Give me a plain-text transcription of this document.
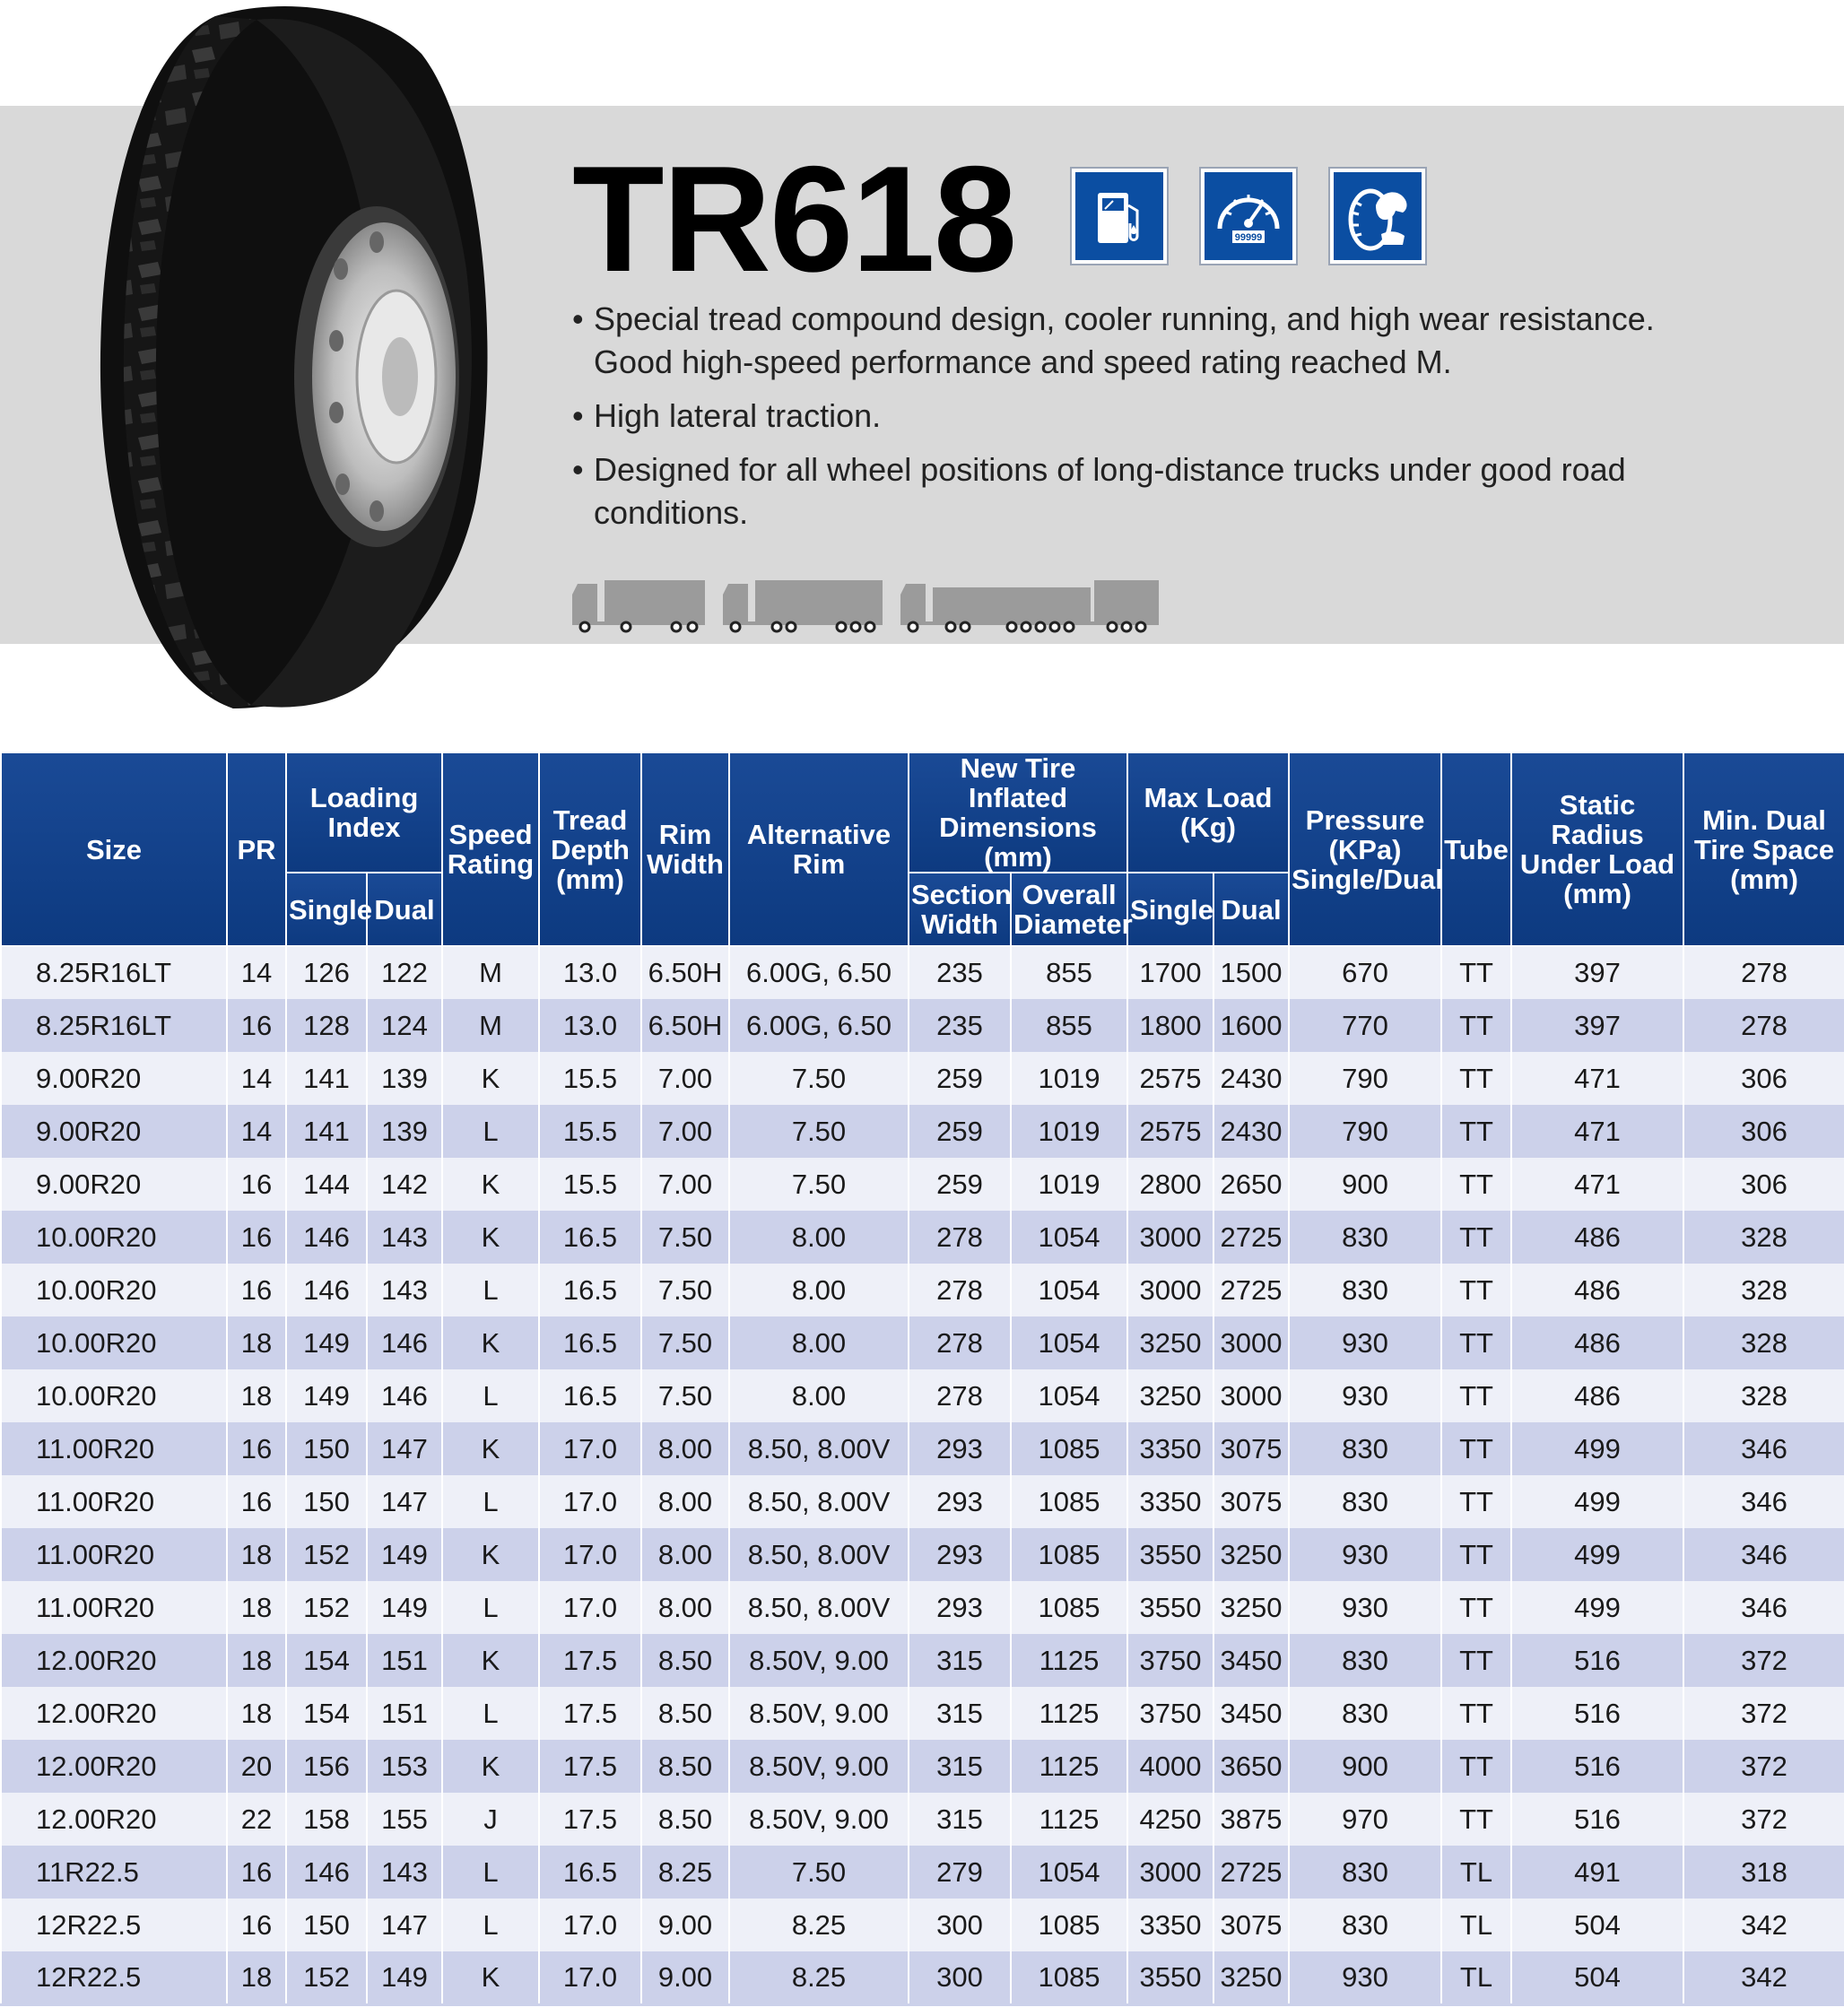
TR618	99999
• Special tread compound design, cooler running, and high wear resistance. Good high-speed performance and speed rating reached M.
• High lateral traction.
• Designed for all wheel positions of long-distance trucks under good road conditions.
Size	PR	Loading Index		Speed Rating	Tread Depth (mm)	Rim Width	Alternative Rim	New Tire Inflated Dimensions (mm)		Max Load (Kg)		Pressure (KPa) Single/Dual	Tube	Static Radius Under Load (mm)	Min. Dual Tire Space (mm)
		Single	Dual					Section Width	Overall Diameter	Single	Dual				
8.25R16LT	14	126	122	M	13.0	6.50H	6.00G, 6.50	235	855	1700	1500	670	TT	397	278
8.25R16LT	16	128	124	M	13.0	6.50H	6.00G, 6.50	235	855	1800	1600	770	TT	397	278
9.00R20	14	141	139	K	15.5	7.00	7.50	259	1019	2575	2430	790	TT	471	306
9.00R20	14	141	139	L	15.5	7.00	7.50	259	1019	2575	2430	790	TT	471	306
9.00R20	16	144	142	K	15.5	7.00	7.50	259	1019	2800	2650	900	TT	471	306
10.00R20	16	146	143	K	16.5	7.50	8.00	278	1054	3000	2725	830	TT	486	328
10.00R20	16	146	143	L	16.5	7.50	8.00	278	1054	3000	2725	830	TT	486	328
10.00R20	18	149	146	K	16.5	7.50	8.00	278	1054	3250	3000	930	TT	486	328
10.00R20	18	149	146	L	16.5	7.50	8.00	278	1054	3250	3000	930	TT	486	328
11.00R20	16	150	147	K	17.0	8.00	8.50, 8.00V	293	1085	3350	3075	830	TT	499	346
11.00R20	16	150	147	L	17.0	8.00	8.50, 8.00V	293	1085	3350	3075	830	TT	499	346
11.00R20	18	152	149	K	17.0	8.00	8.50, 8.00V	293	1085	3550	3250	930	TT	499	346
11.00R20	18	152	149	L	17.0	8.00	8.50, 8.00V	293	1085	3550	3250	930	TT	499	346
12.00R20	18	154	151	K	17.5	8.50	8.50V, 9.00	315	1125	3750	3450	830	TT	516	372
12.00R20	18	154	151	L	17.5	8.50	8.50V, 9.00	315	1125	3750	3450	830	TT	516	372
12.00R20	20	156	153	K	17.5	8.50	8.50V, 9.00	315	1125	4000	3650	900	TT	516	372
12.00R20	22	158	155	J	17.5	8.50	8.50V, 9.00	315	1125	4250	3875	970	TT	516	372
11R22.5	16	146	143	L	16.5	8.25	7.50	279	1054	3000	2725	830	TL	491	318
12R22.5	16	150	147	L	17.0	9.00	8.25	300	1085	3350	3075	830	TL	504	342
12R22.5	18	152	149	K	17.0	9.00	8.25	300	1085	3550	3250	930	TL	504	342
